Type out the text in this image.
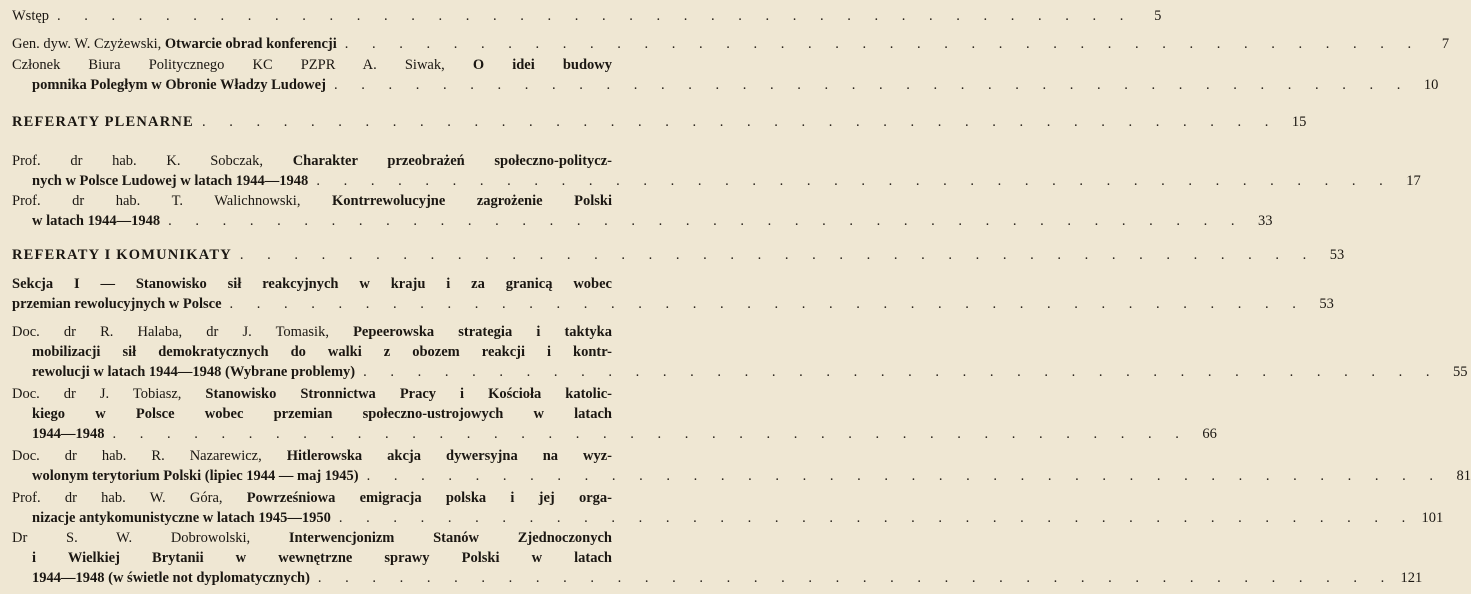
Wstęp . . . . . . . . . . . . . . . . . . . . . . . . . . . . . . . . . . . . . . . .	5
Gen. dyw. W. Czyżewski, Otwarcie obrad konferencji . . . . . . . . . . . . . . . . . . . . . . . . . . . . . . . . . . . . . . . .	7
Członek Biura Politycznego KC PZPR A. Siwak, O idei budowy
pomnika Poległym w Obronie Władzy Ludowej . . . . . . . . . . . . . . . . . . . . . . . . . . . . . . . . . . . . . . . . 10
REFERATY PLENARNE . . . . . . . . . . . . . . . . . . . . . . . . . . . . . . . . . . . . . . . . 15
Prof. dr hab. K. Sobczak, Charakter przeobrażeń społeczno-politycz-
nych w Polsce Ludowej w latach 1944—1948 . . . . . . . . . . . . . . . . . . . . . . . . . . . . . . . . . . . . . . . . 17
Prof. dr hab. T. Walichnowski, Kontrrewolucyjne zagrożenie Polski
w latach 1944—1948 . . . . . . . . . . . . . . . . . . . . . . . . . . . . . . . . . . . . . . . . 33
REFERATY I KOMUNIKATY . . . . . . . . . . . . . . . . . . . . . . . . . . . . . . . . . . . . . . . . 53
Sekcja I — Stanowisko sił reakcyjnych w kraju i za granicą wobec
przemian rewolucyjnych w Polsce . . . . . . . . . . . . . . . . . . . . . . . . . . . . . . . . . . . . . . . . 53
Doc. dr R. Halaba, dr J. Tomasik, Pepeerowska strategia i taktyka
mobilizacji sił demokratycznych do walki z obozem reakcji i kontr-
rewolucji w latach 1944—1948 (Wybrane problemy) . . . . . . . . . . . . . . . . . . . . . . . . . . . . . . . . . . . . . . . . 55
Doc. dr J. Tobiasz, Stanowisko Stronnictwa Pracy i Kościoła katolic-
kiego w Polsce wobec przemian społeczno-ustrojowych w latach
1944—1948 . . . . . . . . . . . . . . . . . . . . . . . . . . . . . . . . . . . . . . . . 66
Doc. dr hab. R. Nazarewicz, Hitlerowska akcja dywersyjna na wyz-
wolonym terytorium Polski (lipiec 1944 — maj 1945) . . . . . . . . . . . . . . . . . . . . . . . . . . . . . . . . . . . . . . . . 81
Prof. dr hab. W. Góra, Powrześniowa emigracja polska i jej orga-
nizacje antykomunistyczne w latach 1945—1950 . . . . . . . . . . . . . . . . . . . . . . . . . . . . . . . . . . . . . . . . 101
Dr S. W. Dobrowolski, Interwencjonizm Stanów Zjednoczonych
i Wielkiej Brytanii w wewnętrzne sprawy Polski w latach
1944—1948 (w świetle not dyplomatycznych) . . . . . . . . . . . . . . . . . . . . . . . . . . . . . . . . . . . . . . . . 121
